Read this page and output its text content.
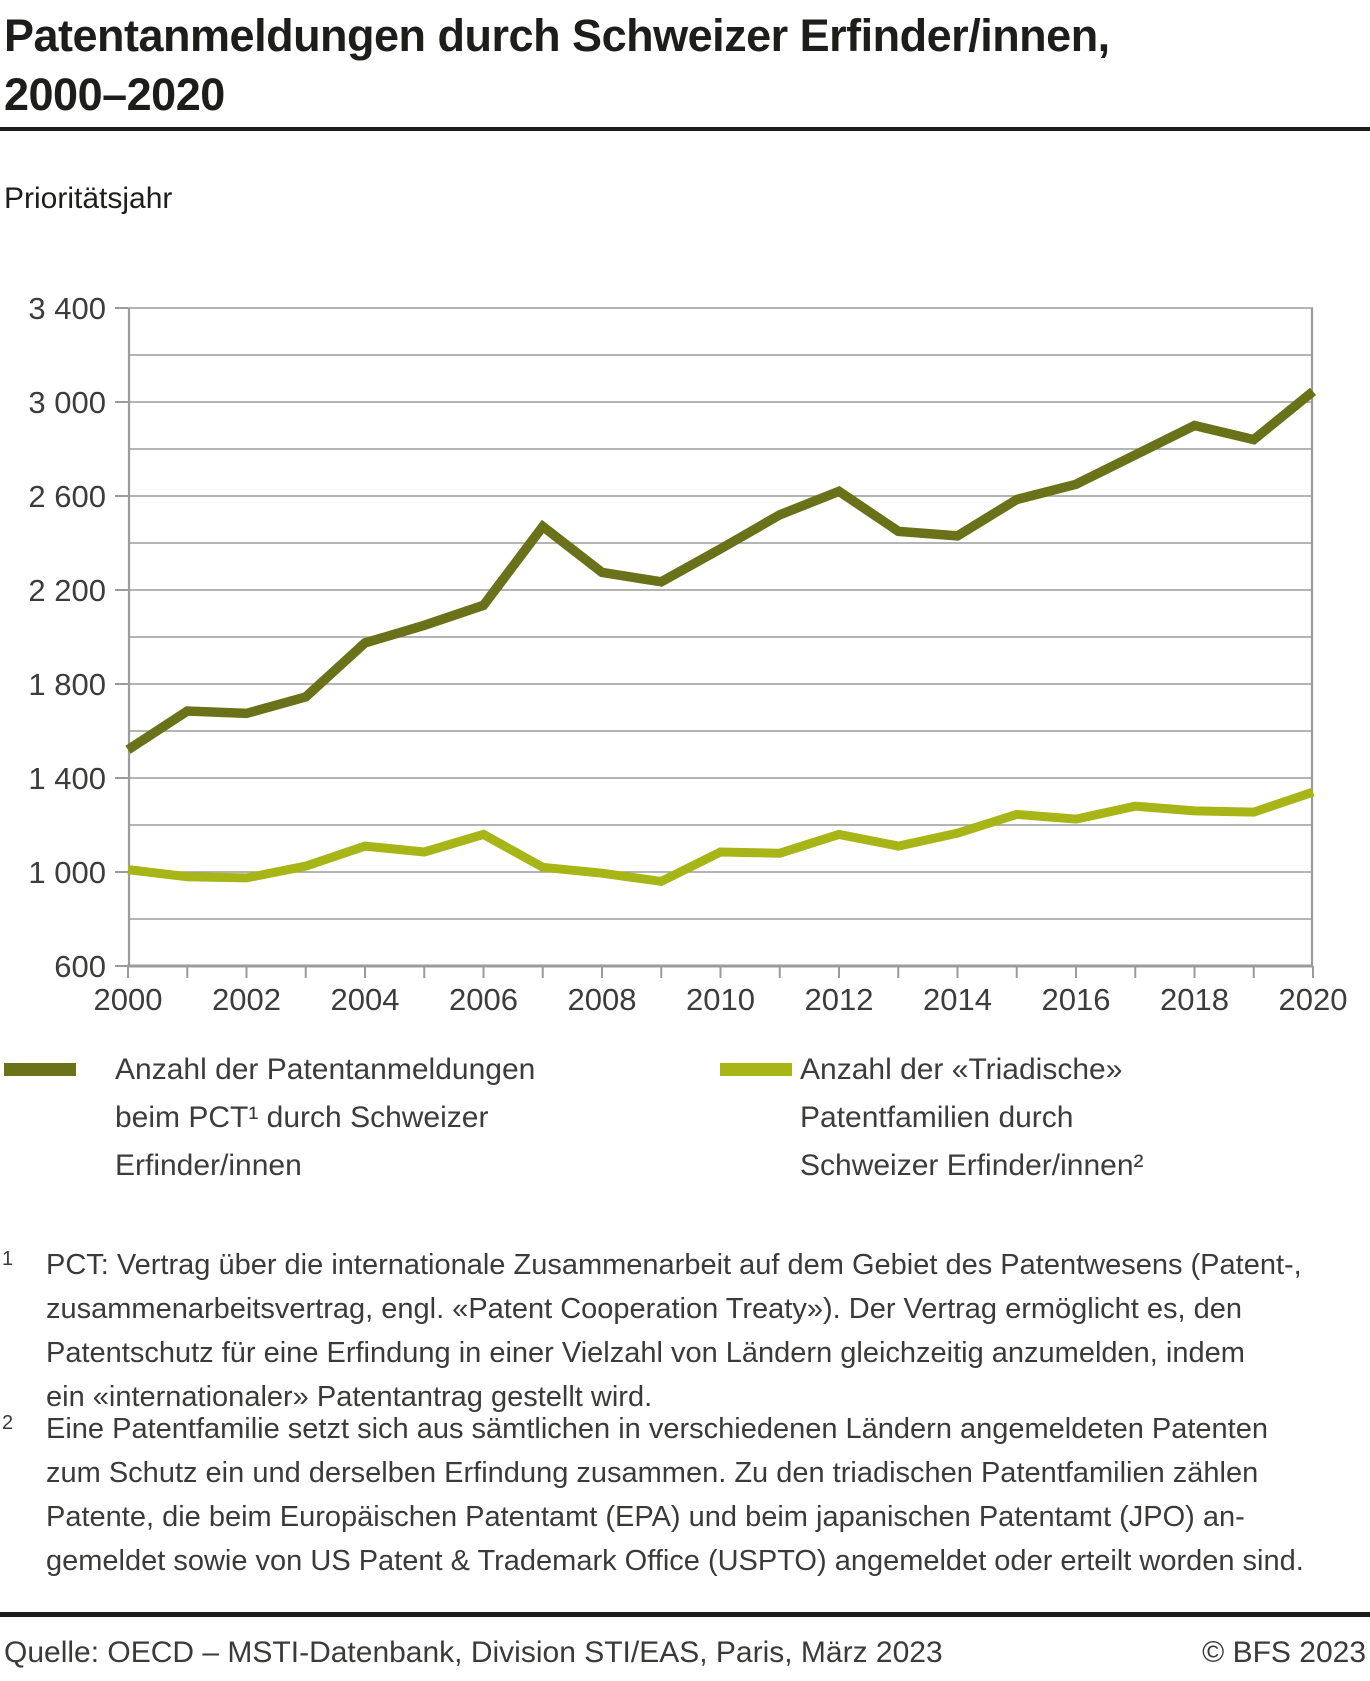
Patentanmeldungen durch Schweizer Erfinder/innen,
2000–2020
Prioritätsjahr
600
1 000
1 400
1 800
2 200
2 600
3 000
3 400
2000 2002 2004 2006 2008 2010 2012 2014 2016 2018 2020
Anzahl der Patentanmeldungen
beim PCT¹ durch Schweizer
Erfinder/innen
Anzahl der «Triadische»
Patentfamilien durch
Schweizer Erfinder/innen²
1 PCT: Vertrag über die internationale Zusammenarbeit auf dem Gebiet des Patentwesens (Patent-,
zusammenarbeitsvertrag, engl. «Patent Cooperation Treaty»). Der Vertrag ermöglicht es, den
Patentschutz für eine Erfindung in einer Vielzahl von Ländern gleichzeitig anzumelden, indem
ein «internationaler» Patentantrag gestellt wird.
2 Eine Patentfamilie setzt sich aus sämtlichen in verschiedenen Ländern angemeldeten Patenten
zum Schutz ein und derselben Erfindung zusammen. Zu den triadischen Patentfamilien zählen
Patente, die beim Europäischen Patentamt (EPA) und beim japanischen Patentamt (JPO) an-
gemeldet sowie von US Patent & Trademark Office (USPTO) angemeldet oder erteilt worden sind.
Quelle: OECD – MSTI-Datenbank, Division STI/EAS, Paris, März 2023	© BFS 2023
